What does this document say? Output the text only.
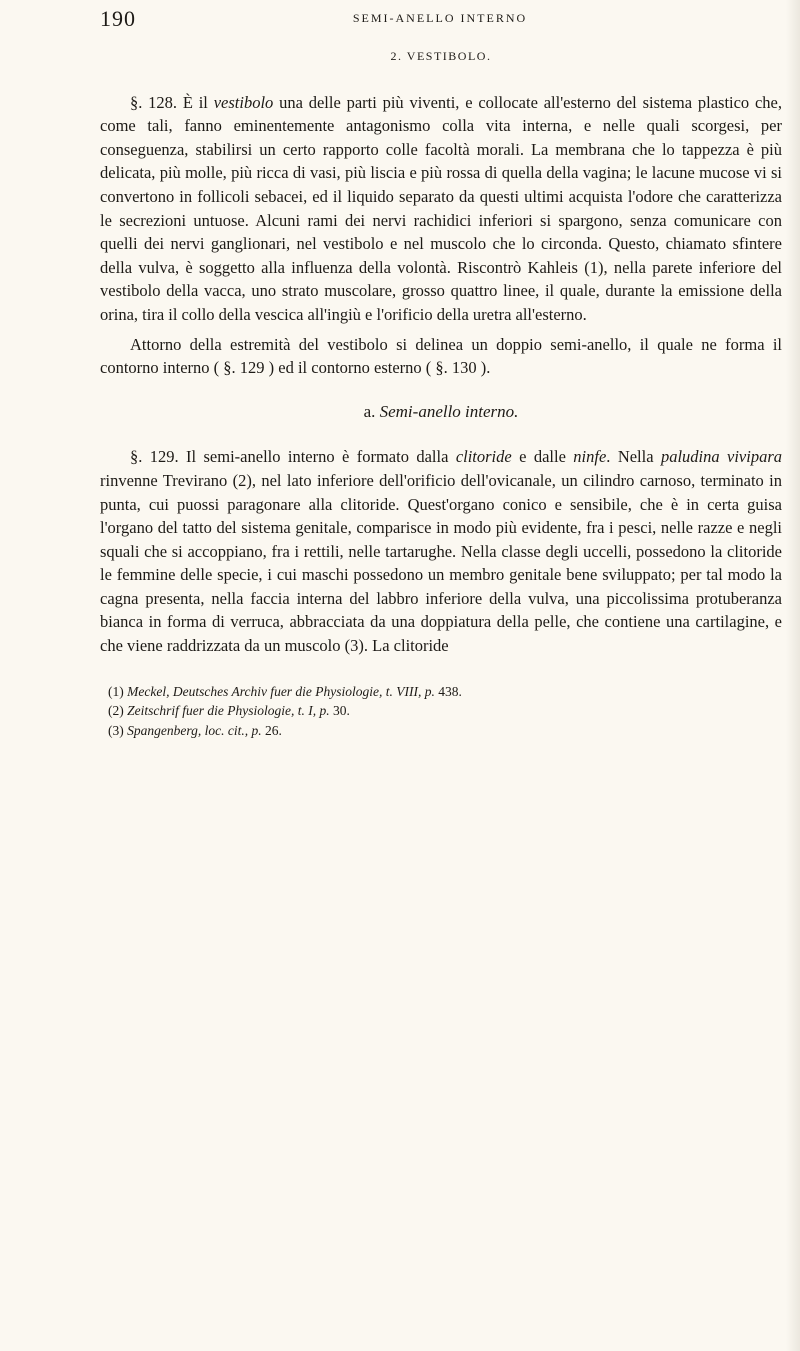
190	SEMI-ANELLO INTERNO
2. VESTIBOLO.

§. 128. È il vestibolo una delle parti più viventi, e collocate all'esterno del sistema plastico che, come tali, fanno eminentemente antagonismo colla vita interna, e nelle quali scorgesi, per conseguenza, stabilirsi un certo rapporto colle facoltà morali. La membrana che lo tappezza è più delicata, più molle, più ricca di vasi, più liscia e più rossa di quella della vagina; le lacune mucose vi si convertono in follicoli sebacei, ed il liquido separato da questi ultimi acquista l'odore che caratterizza le secrezioni untuose. Alcuni rami dei nervi rachidici inferiori si spargono, senza comunicare con quelli dei nervi ganglionari, nel vestibolo e nel muscolo che lo circonda. Questo, chiamato sfintere della vulva, è soggetto alla influenza della volontà. Riscontrò Kahleis (1), nella parete inferiore del vestibolo della vacca, uno strato muscolare, grosso quattro linee, il quale, durante la emissione della orina, tira il collo della vescica all'ingiù e l'orificio della uretra all'esterno.

Attorno della estremità del vestibolo si delinea un doppio semi-anello, il quale ne forma il contorno interno ( §. 129 ) ed il contorno esterno ( §. 130 ).

a. Semi-anello interno.

§. 129. Il semi-anello interno è formato dalla clitoride e dalle ninfe. Nella paludina vivipara rinvenne Trevirano (2), nel lato inferiore dell'orificio dell'ovicanale, un cilindro carnoso, terminato in punta, cui puossi paragonare alla clitoride. Quest'organo conico e sensibile, che è in certa guisa l'organo del tatto del sistema genitale, comparisce in modo più evidente, fra i pesci, nelle razze e negli squali che si accoppiano, fra i rettili, nelle tartarughe. Nella classe degli uccelli, possedono la clitoride le femmine delle specie, i cui maschi possedono un membro genitale bene sviluppato; per tal modo la cagna presenta, nella faccia interna del labbro inferiore della vulva, una piccolissima protuberanza bianca in forma di verruca, abbracciata da una doppiatura della pelle, che contiene una cartilagine, e che viene raddrizzata da un muscolo (3). La clitoride

(1) Meckel, Deutsches Archiv fuer die Physiologie, t. VIII, p. 438.
(2) Zeitschrif fuer die Physiologie, t. I, p. 30.
(3) Spangenberg, loc. cit., p. 26.
